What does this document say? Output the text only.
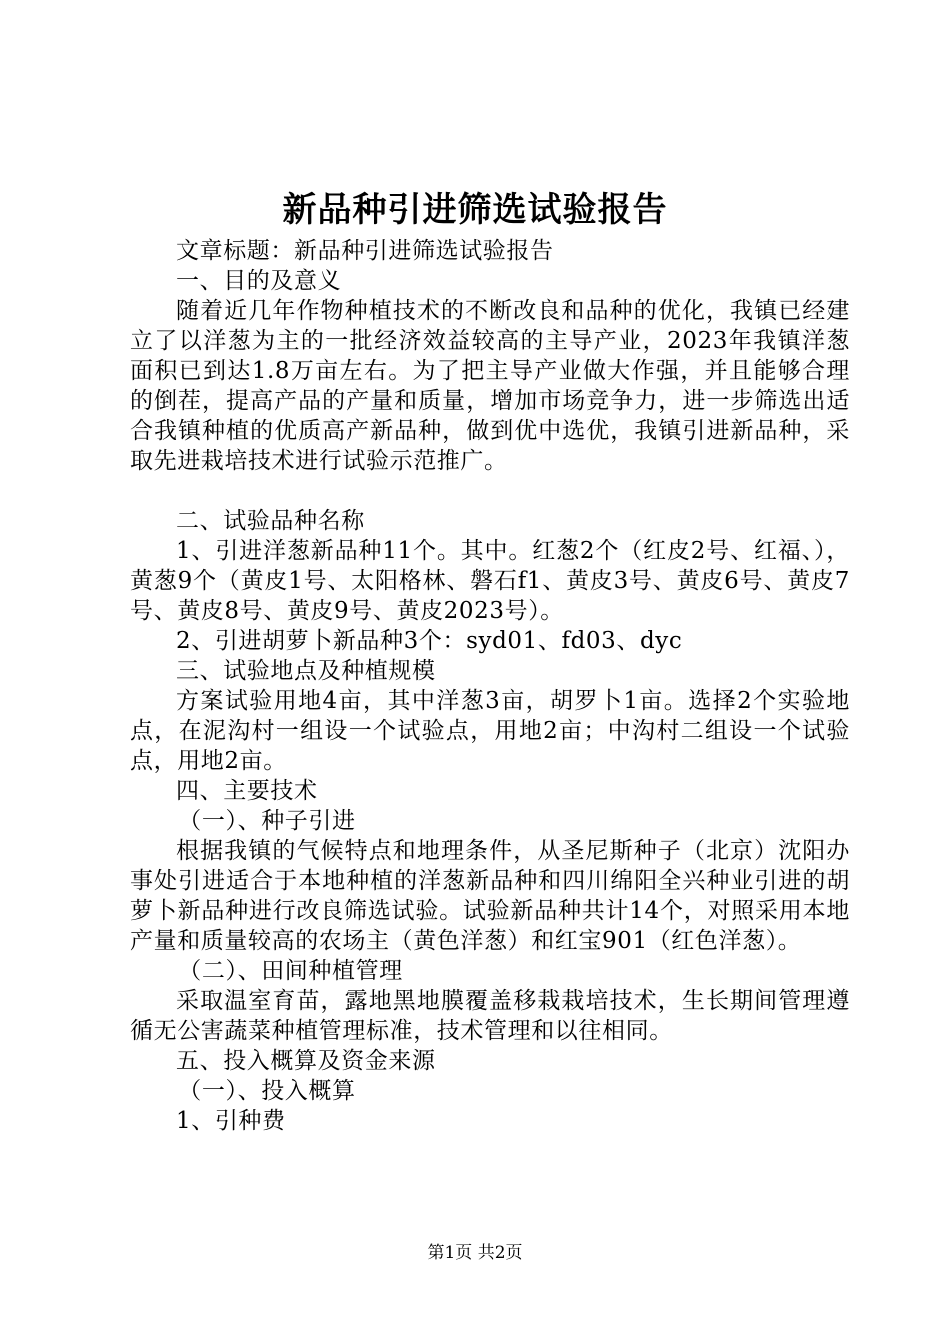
新品种引进筛选试验报告

文章标题：新品种引进筛选试验报告

一、目的及意义

随着近几年作物种植技术的不断改良和品种的优化，我镇已经建立了以洋葱为主的一批经济效益较高的主导产业，2023年我镇洋葱面积已到达1.8万亩左右。为了把主导产业做大作强，并且能够合理的倒茬，提高产品的产量和质量，增加市场竞争力，进一步筛选出适合我镇种植的优质高产新品种，做到优中选优，我镇引进新品种，采取先进栽培技术进行试验示范推广。

二、试验品种名称

1、引进洋葱新品种11个。其中。红葱2个（红皮2号、红福、），黄葱9个（黄皮1号、太阳格林、磐石f1、黄皮3号、黄皮6号、黄皮7号、黄皮8号、黄皮9号、黄皮2023号）。

2、引进胡萝卜新品种3个：syd01、fd03、dyc

三、试验地点及种植规模

方案试验用地4亩，其中洋葱3亩，胡罗卜1亩。选择2个实验地点，在泥沟村一组设一个试验点，用地2亩；中沟村二组设一个试验点，用地2亩。

四、主要技术

（一）、种子引进

根据我镇的气候特点和地理条件，从圣尼斯种子（北京）沈阳办事处引进适合于本地种植的洋葱新品种和四川绵阳全兴种业引进的胡萝卜新品种进行改良筛选试验。试验新品种共计14个，对照采用本地产量和质量较高的农场主（黄色洋葱）和红宝901（红色洋葱）。

（二）、田间种植管理

采取温室育苗，露地黑地膜覆盖移栽栽培技术，生长期间管理遵循无公害蔬菜种植管理标准，技术管理和以往相同。

五、投入概算及资金来源

（一）、投入概算

1、引种费

第1页 共2页
